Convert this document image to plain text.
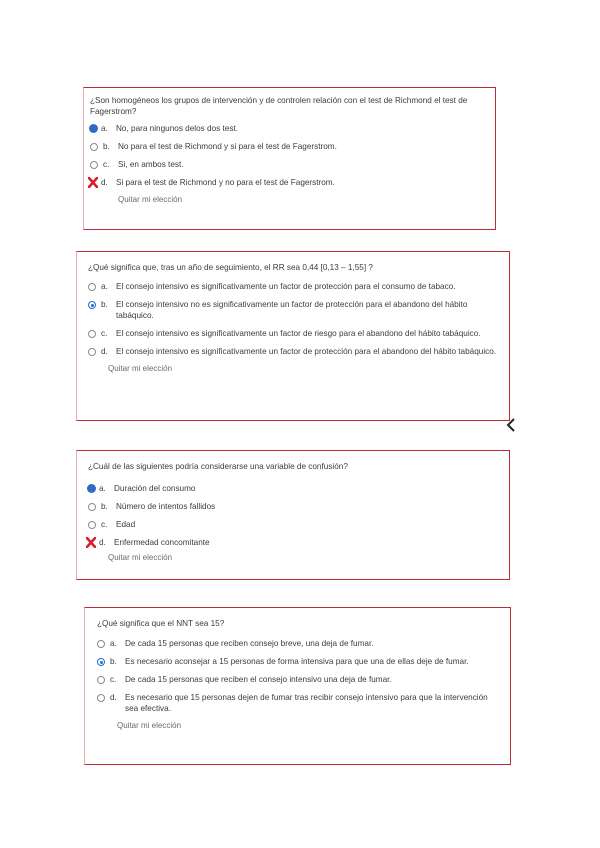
¿Son homogéneos los grupos de intervención y de controlen relación con el test de Richmond el test de Fagerstrom?

a. No, para ningunos delos dos test.
b. No para el test de Richmond y si para el test de Fagerstrom.
c.	Si, en ambos test.
d. Si para el test de Richmond y no para el test de Fagerstrom.
Quitar mi elección

¿Qué significa que, tras un año de seguimiento, el RR sea 0,44 [0,13 – 1,55] ?

a. El consejo intensivo es significativamente un factor de protección para el consumo de tabaco.
b. El consejo intensivo no es significativamente un factor de protección para el abandono del hábito tabáquico.
c.	El consejo intensivo es significativamente un factor de riesgo para el abandono del hábito tabáquico.
d. El consejo intensivo es significativamente un factor de protección para el abandono del hábito tabáquico.
Quitar mi elección

¿Cuál de las siguientes podría considerarse una variable de confusión?

a. Duración del consumo
b. Número de intentos fallidos
c.	Edad
d. Enfermedad concomitante
Quitar mi elección

¿Qué significa que el NNT sea 15?

a. De cada 15 personas que reciben consejo breve, una deja de fumar.
b. Es necesario aconsejar a 15 personas de forma intensiva para que una de ellas deje de fumar.
c.	De cada 15 personas que reciben el consejo intensivo una deja de fumar.
d. Es necesario que 15 personas dejen de fumar tras recibir consejo intensivo para que la intervención sea efectiva.
Quitar mi elección
